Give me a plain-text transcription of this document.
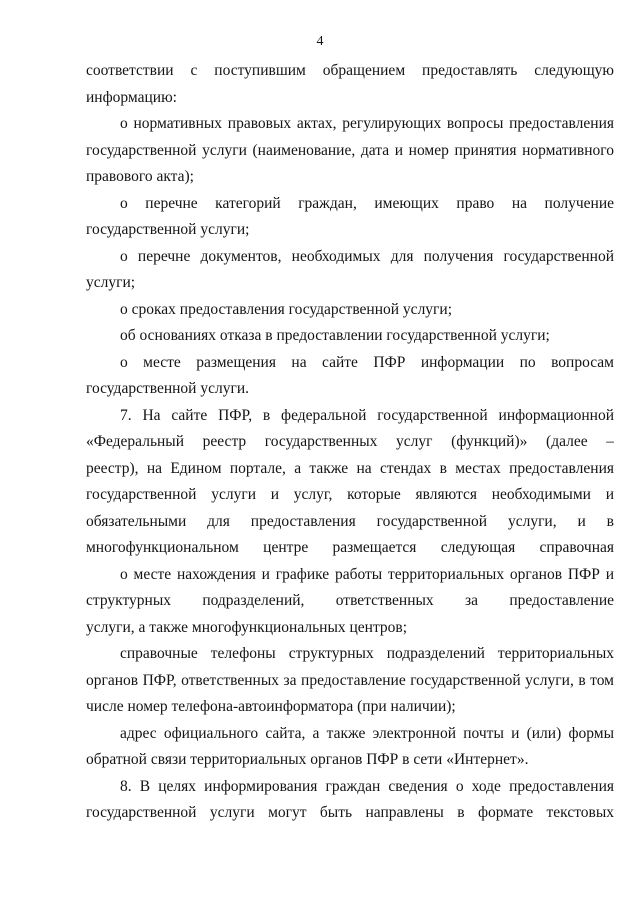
4
соответствии с поступившим обращением предоставлять следующую
информацию:
о нормативных правовых актах, регулирующих вопросы предоставления
государственной услуги (наименование, дата и номер принятия нормативного
правового акта);
о перечне категорий граждан, имеющих право на получение
государственной услуги;
о перечне документов, необходимых для получения государственной
услуги;
о сроках предоставления государственной услуги;
об основаниях отказа в предоставлении государственной услуги;
о месте размещения на сайте ПФР информации по вопросам
государственной услуги.
7. На сайте ПФР, в федеральной государственной информационной
«Федеральный реестр государственных услуг (функций)» (далее –
реестр), на Едином портале, а также на стендах в местах предоставления
государственной услуги и услуг, которые являются необходимыми и
обязательными для предоставления государственной услуги, и в
многофункциональном центре размещается следующая справочная
о месте нахождения и графике работы территориальных органов ПФР и
структурных подразделений, ответственных за предоставление
услуги, а также многофункциональных центров;
справочные телефоны структурных подразделений территориальных
органов ПФР, ответственных за предоставление государственной услуги, в том
числе номер телефона-автоинформатора (при наличии);
адрес официального сайта, а также электронной почты и (или) формы
обратной связи территориальных органов ПФР в сети «Интернет».
8. В целях информирования граждан сведения о ходе предоставления
государственной услуги могут быть направлены в формате текстовых
